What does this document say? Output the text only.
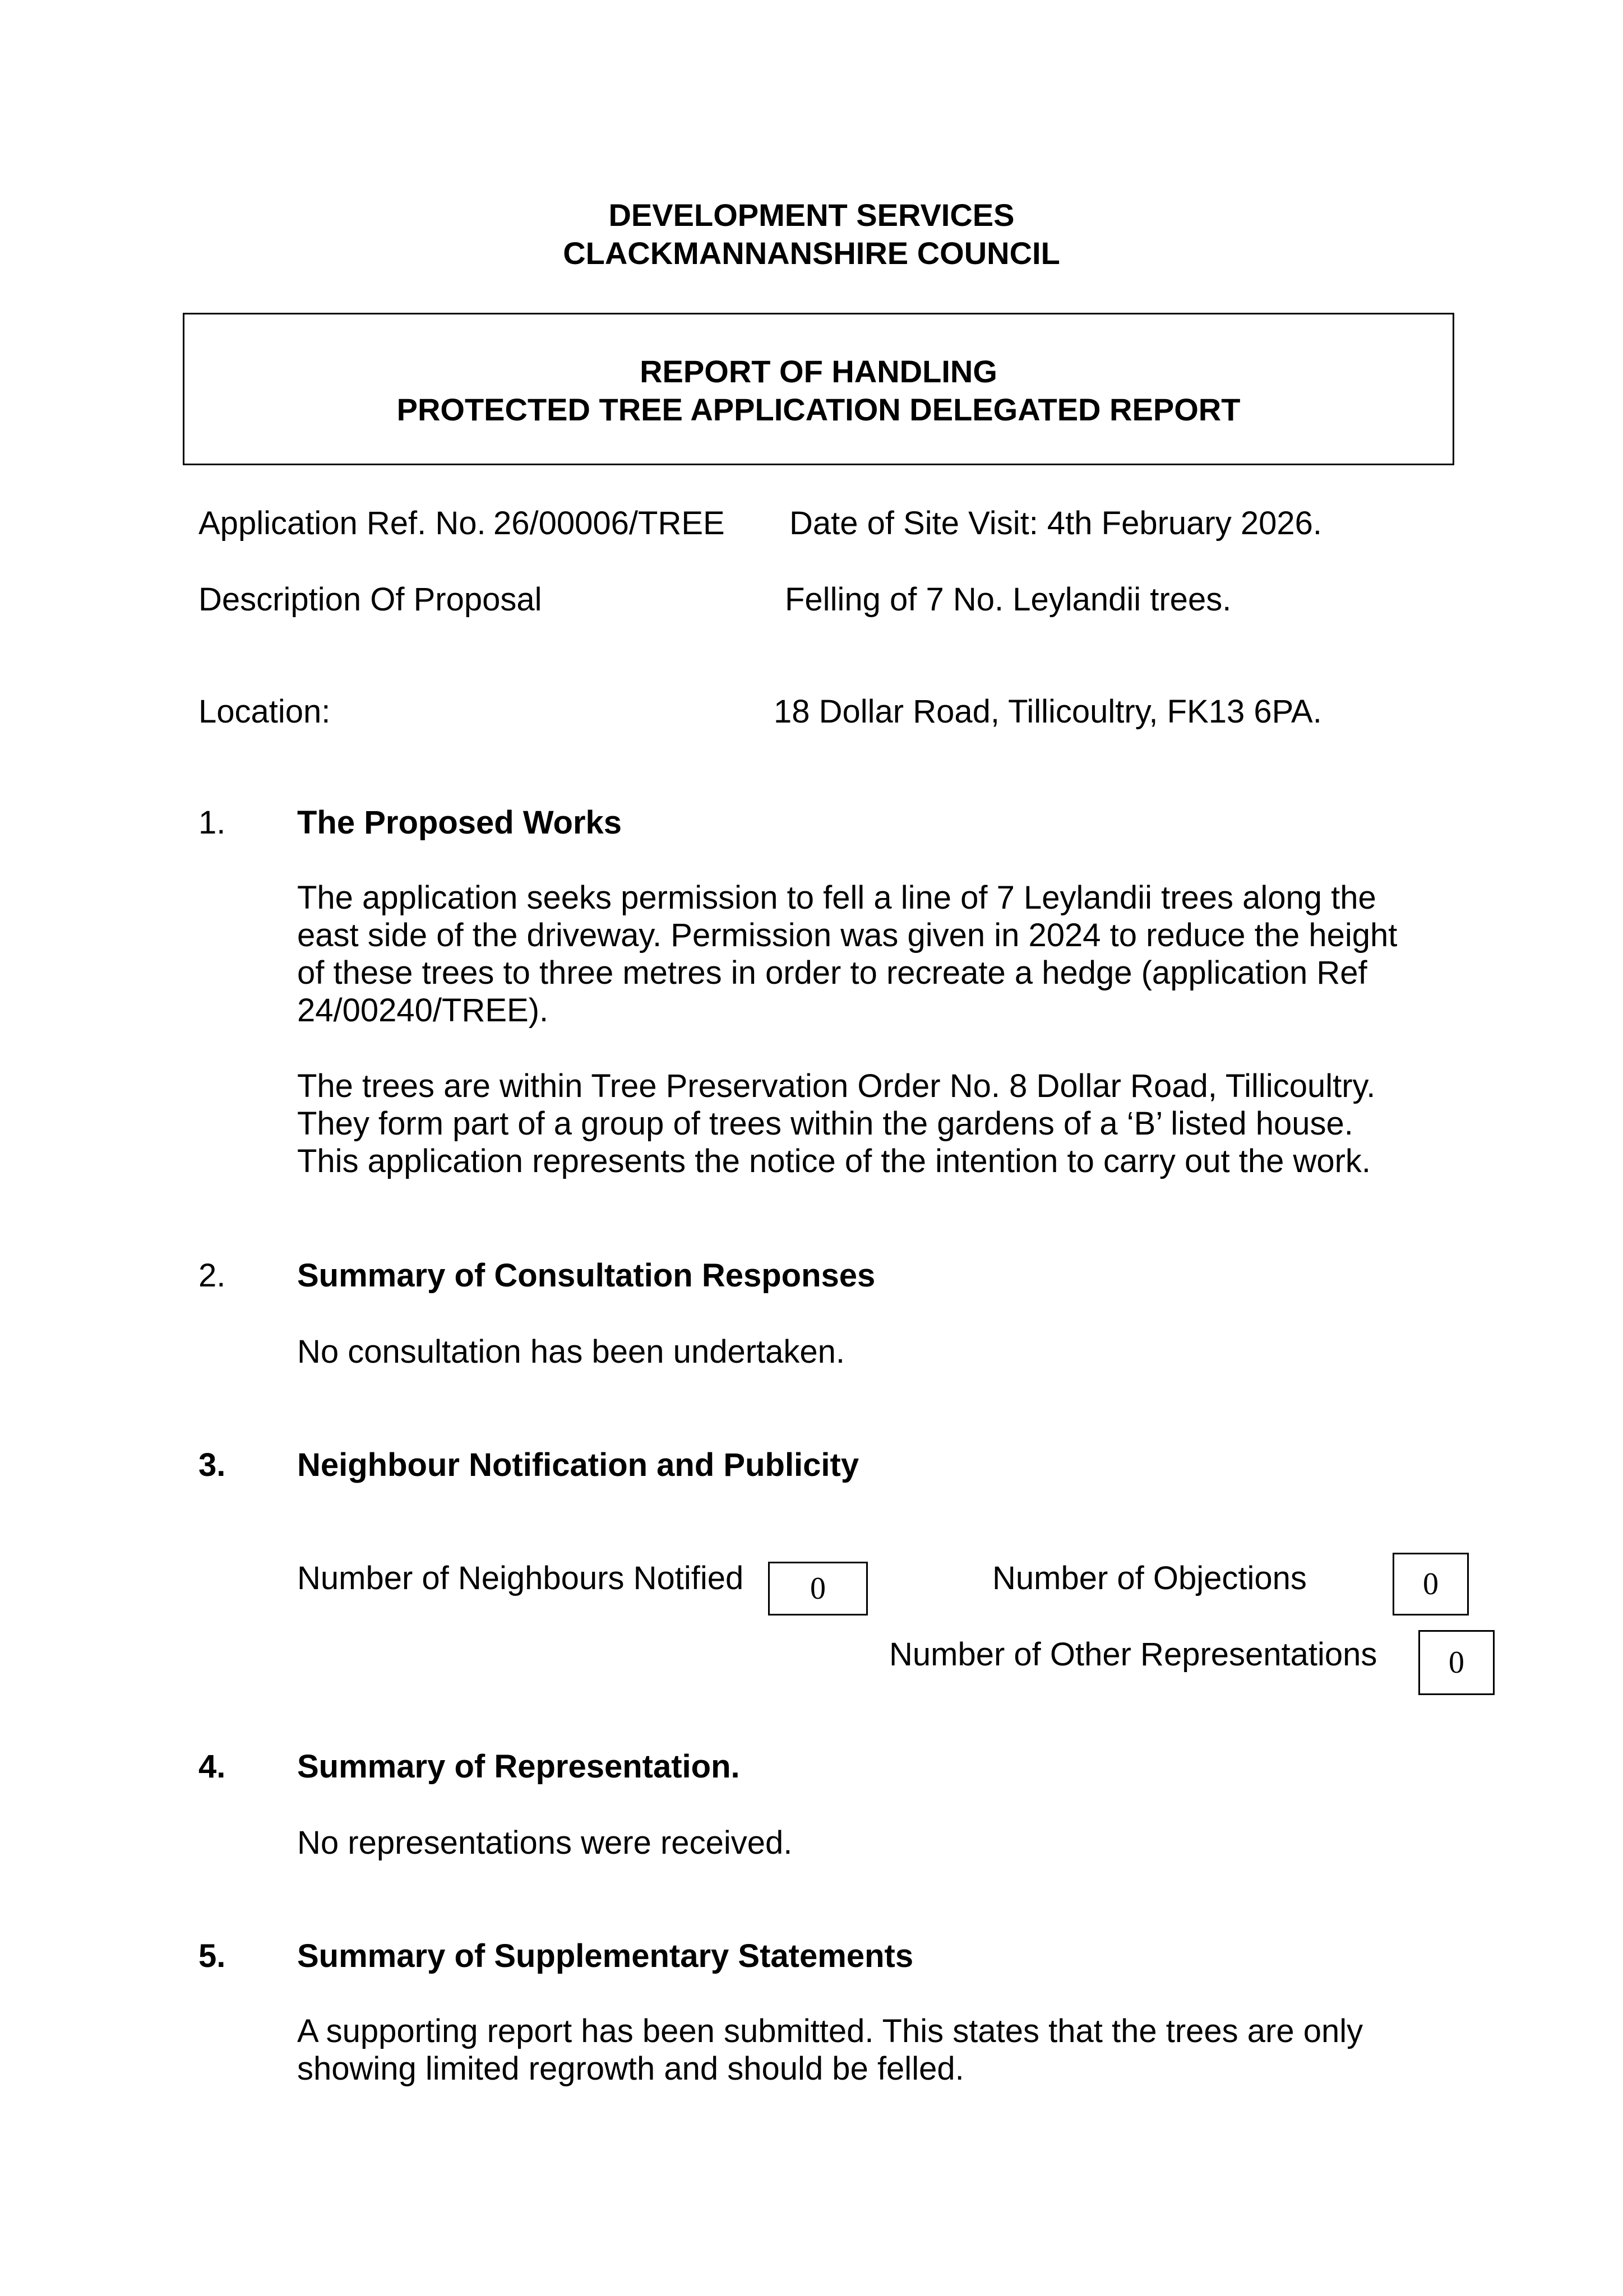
DEVELOPMENT SERVICES
CLACKMANNANSHIRE COUNCIL
REPORT OF HANDLING
PROTECTED TREE APPLICATION DELEGATED REPORT
Application Ref. No. 26/00006/TREE Date of Site Visit: 4th February 2026.
Description Of Proposal	Felling of 7 No. Leylandii trees.
Location:	18 Dollar Road, Tillicoultry, FK13 6PA.
1. The Proposed Works
The application seeks permission to fell a line of 7 Leylandii trees along the
east side of the driveway. Permission was given in 2024 to reduce the height
of these trees to three metres in order to recreate a hedge (application Ref
24/00240/TREE).
The trees are within Tree Preservation Order No. 8 Dollar Road, Tillicoultry.
They form part of a group of trees within the gardens of a ‘B’ listed house.
This application represents the notice of the intention to carry out the work.
2. Summary of Consultation Responses
No consultation has been undertaken.
3. Neighbour Notification and Publicity
Number of Neighbours Notified	0	Number of Objections	0
Number of Other Representations	0
4. Summary of Representation.
No representations were received.
5. Summary of Supplementary Statements
A supporting report has been submitted. This states that the trees are only
showing limited regrowth and should be felled.
